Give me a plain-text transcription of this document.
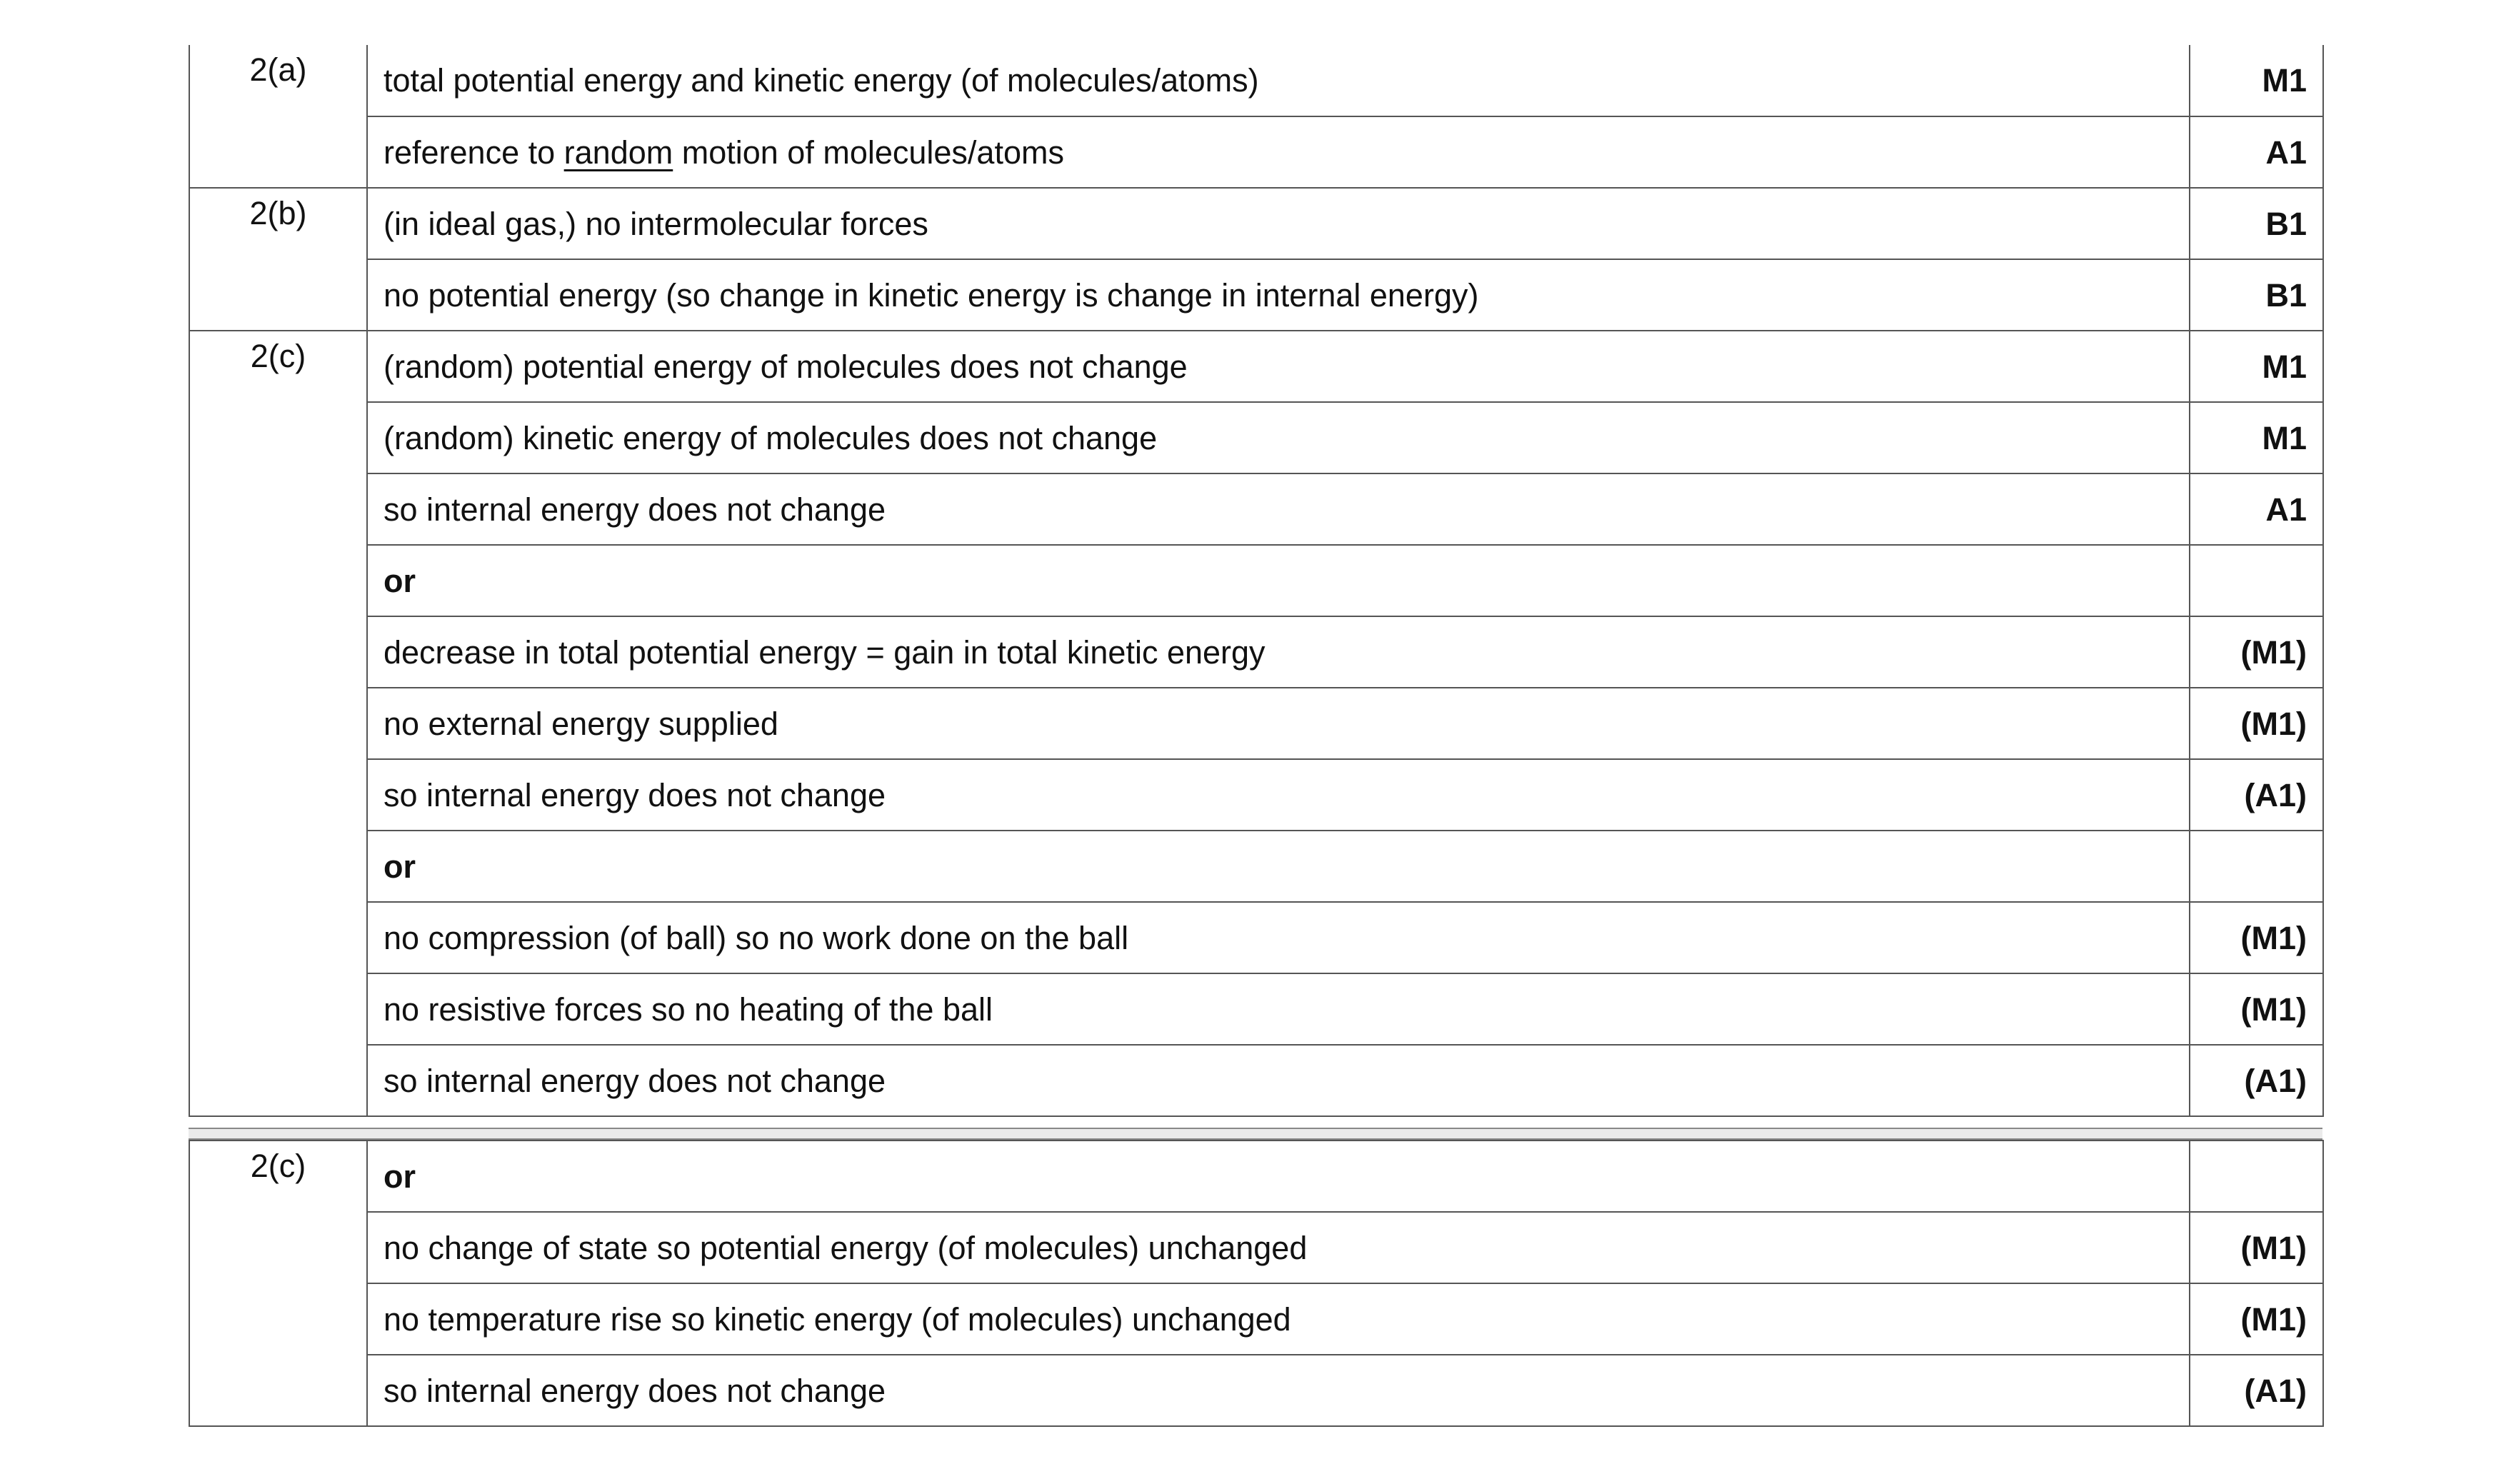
2(a)	total potential energy and kinetic energy (of molecules/atoms)	M1
	reference to random motion of molecules/atoms	A1
2(b)	(in ideal gas,) no intermolecular forces	B1
	no potential energy (so change in kinetic energy is change in internal energy)	B1
2(c)	(random) potential energy of molecules does not change	M1
	(random) kinetic energy of molecules does not change	M1
	so internal energy does not change	A1
	or	
	decrease in total potential energy = gain in total kinetic energy	(M1)
	no external energy supplied	(M1)
	so internal energy does not change	(A1)
	or	
	no compression (of ball) so no work done on the ball	(M1)
	no resistive forces so no heating of the ball	(M1)
	so internal energy does not change	(A1)
2(c)	or	
	no change of state so potential energy (of molecules) unchanged	(M1)
	no temperature rise so kinetic energy (of molecules) unchanged	(M1)
	so internal energy does not change	(A1)
